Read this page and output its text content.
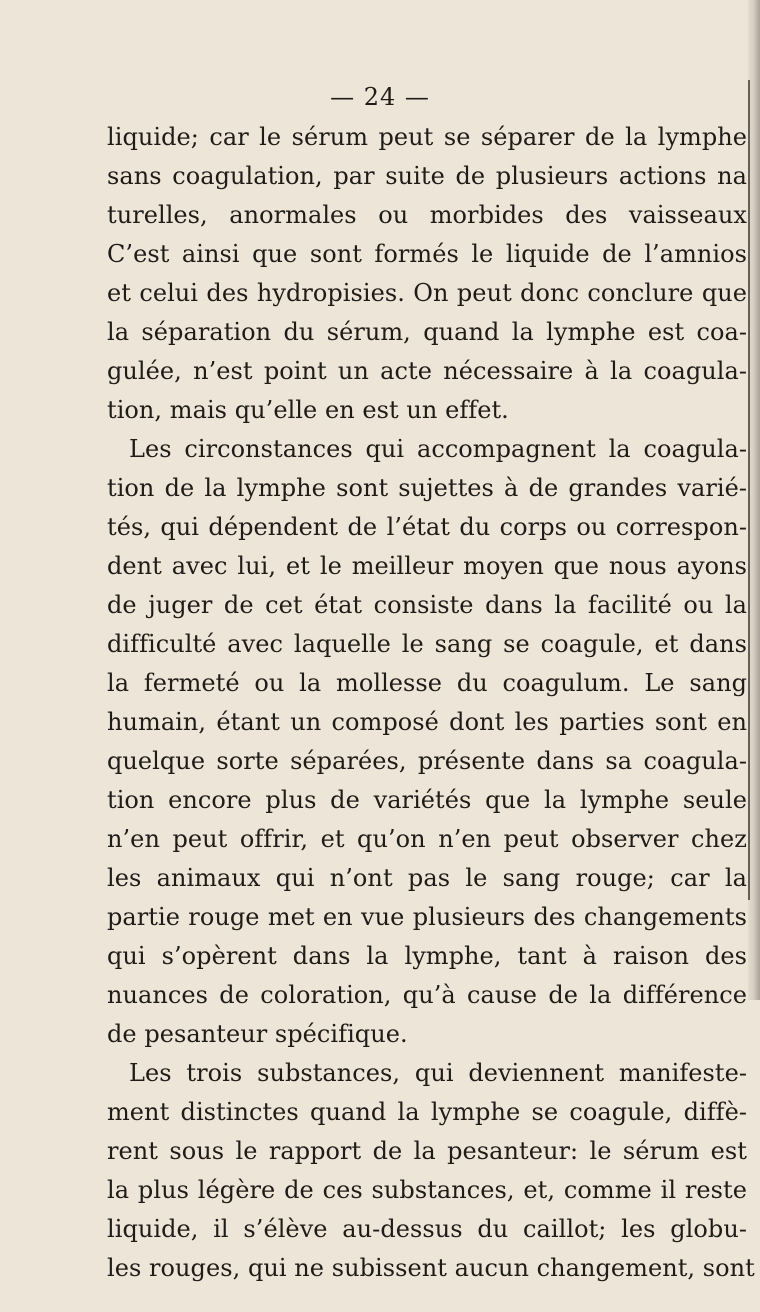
— 24 —
liquide; car le sérum peut se séparer de la lymphe
sans coagulation, par suite de plusieurs actions na
turelles, anormales ou morbides des vaisseaux
C’est ainsi que sont formés le liquide de l’amnios
et celui des hydropisies. On peut donc conclure que
la séparation du sérum, quand la lymphe est coa-
gulée, n’est point un acte nécessaire à la coagula-
tion, mais qu’elle en est un effet.
Les circonstances qui accompagnent la coagula-
tion de la lymphe sont sujettes à de grandes varié-
tés, qui dépendent de l’état du corps ou correspon-
dent avec lui, et le meilleur moyen que nous ayons
de juger de cet état consiste dans la facilité ou la
difficulté avec laquelle le sang se coagule, et dans
la fermeté ou la mollesse du coagulum. Le sang
humain, étant un composé dont les parties sont en
quelque sorte séparées, présente dans sa coagula-
tion encore plus de variétés que la lymphe seule
n’en peut offrir, et qu’on n’en peut observer chez
les animaux qui n’ont pas le sang rouge; car la
partie rouge met en vue plusieurs des changements
qui s’opèrent dans la lymphe, tant à raison des
nuances de coloration, qu’à cause de la différence
de pesanteur spécifique.
Les trois substances, qui deviennent manifeste-
ment distinctes quand la lymphe se coagule, diffè-
rent sous le rapport de la pesanteur: le sérum est
la plus légère de ces substances, et, comme il reste
liquide, il s’élève au-dessus du caillot; les globu-
les rouges, qui ne subissent aucun changement, sont
